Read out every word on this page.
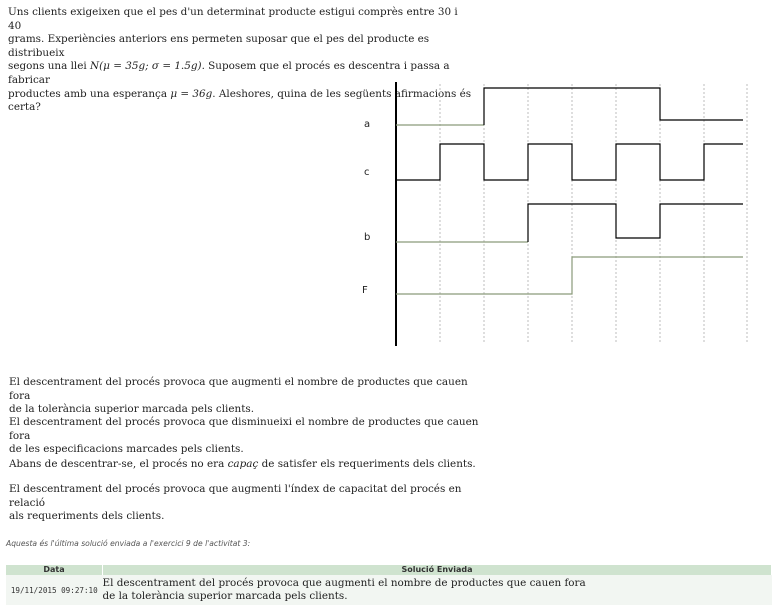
Uns clients exigeixen que el pes d'un determinat producte estigui comprès entre 30 i 40
grams. Experiències anteriors ens permeten suposar que el pes del producte es distribueix
segons una llei N(μ = 35g; σ = 1.5g). Suposem que el procés es descentra i passa a fabricar
productes amb una esperança μ = 36g. Aleshores, quina de les següents afirmacions és
certa?
a
c
b
F
El descentrament del procés provoca que augmenti el nombre de productes que cauen fora
de la tolerància superior marcada pels clients.
El descentrament del procés provoca que disminueixi el nombre de productes que cauen fora
de les especificacions marcades pels clients.
Abans de descentrar-se, el procés no era capaç de satisfer els requeriments dels clients.
El descentrament del procés provoca que augmenti l'índex de capacitat del procés en relació
als requeriments dels clients.
Aquesta és l'última solució enviada a l'exercici 9 de l'activitat 3:
Data	Solució Enviada
19/11/2015 09:27:10	El descentrament del procés provoca que augmenti el nombre de productes que cauen fora
de la tolerància superior marcada pels clients.
